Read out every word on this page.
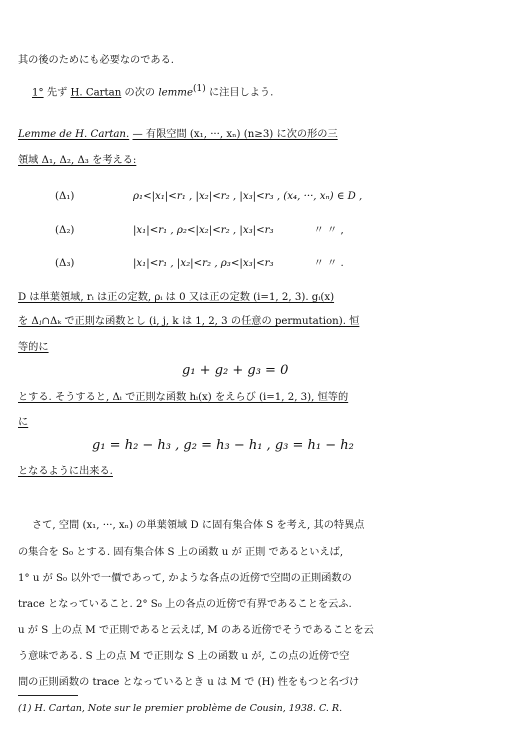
其の後のためにも必要なのである.
1° 先ず H. Cartan の次の lemme$^{(1)}$ に注目しよう.
Lemme de H. Cartan. — 有限空間 (x₁, ···, xₙ) (n≥3) に次の形の三
領域 Δ₁, Δ₂, Δ₃ を考える:
(Δ₁)	ρ₁<|x₁|<r₁ , |x₂|<r₂ , |x₃|<r₃ , (x₄, ···, xₙ) ∈ D ,
(Δ₂)	|x₁|<r₁ , ρ₂<|x₂|<r₂ , |x₃|<r₃	〃 〃 ,
(Δ₃)	|x₁|<r₁ , |x₂|<r₂ , ρ₃<|x₃|<r₃	〃 〃 .
D は単葉領域, rᵢ は正の定数, ρᵢ は 0 又は正の定数 (i=1, 2, 3). gᵢ(x)
を Δⱼ∩Δₖ で正則な函数とし (i, j, k は 1, 2, 3 の任意の permutation). 恒
等的に
g₁ + g₂ + g₃ = 0
とする. そうすると, Δᵢ で正則な函数 hᵢ(x) をえらび (i=1, 2, 3), 恒等的
に
g₁ = h₂ − h₃ , g₂ = h₃ − h₁ , g₃ = h₁ − h₂
となるように出来る.
さて, 空間 (x₁, ···, xₙ) の単葉領域 D に固有集合体 S を考え, 其の特異点
の集合を S₀ とする. 固有集合体 S 上の函数 u が 正則 であるといえば,
1° u が S₀ 以外で一價であって, かような各点の近傍で空間の正則函数の
trace となっていること. 2° S₀ 上の各点の近傍で有界であることを云ふ.
u が S 上の点 M で正則であると云えば, M のある近傍でそうであることを云
う意味である. S 上の点 M で正則な S 上の函数 u が, この点の近傍で空
間の正則函数の trace となっているとき u は M で (H) 性をもつと名づけ
(1) H. Cartan, Note sur le premier problème de Cousin, 1938. C. R.
